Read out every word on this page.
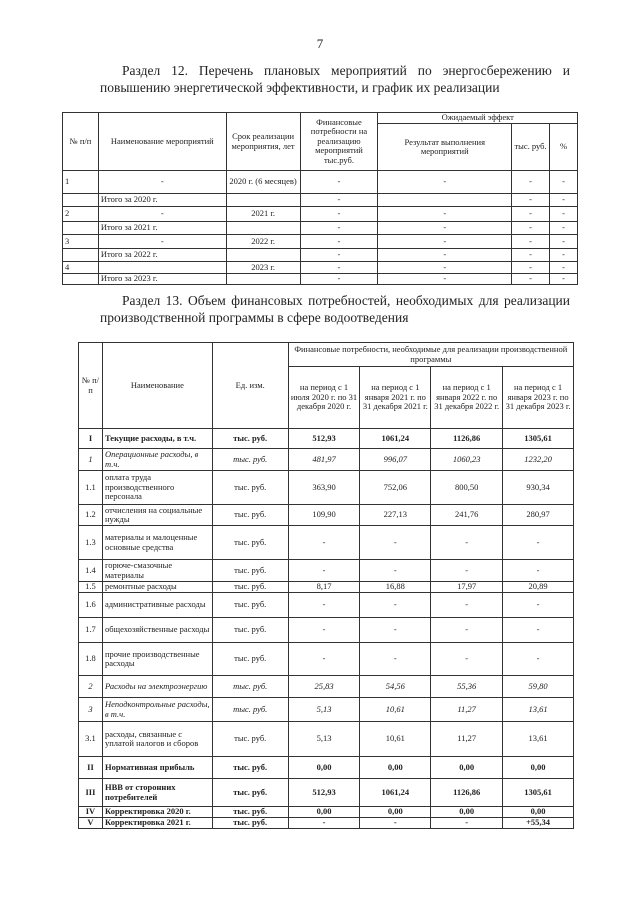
7
Раздел 12. Перечень плановых мероприятий по энергосбережению и повышению энергетической эффективности, и график их реализации
№ п/п	Наименование мероприятий	Срок реализации мероприятия, лет	Финансовые потребности на реализацию мероприятий тыс.руб.	Ожидаемый эффект		
				Результат выполнения мероприятий	тыс. руб.	%
1	-	2020 г. (6 месяцев)	-	-	-	-
	Итого за 2020 г.		-		-	-
2	-	2021 г.	-	-	-	-
	Итого за 2021 г.		-	-	-	-
3	-	2022 г.	-	-	-	-
	Итого за 2022 г.		-	-	-	-
4		2023 г.	-	-	-	-
	Итого за 2023 г.		-	-	-	-
Раздел 13. Объем финансовых потребностей, необходимых для реализации производственной программы в сфере водоотведения
№ п/п	Наименование	Ед. изм.	Финансовые потребности, необходимые для реализации производственной программы			
			на период с 1 июля 2020 г. по 31 декабря 2020 г.	на период с 1 января 2021 г. по 31 декабря 2021 г.	на период с 1 января 2022 г. по 31 декабря 2022 г.	на период с 1 января 2023 г. по 31 декабря 2023 г.
I	Текущие расходы, в т.ч.	тыс. руб.	512,93	1061,24	1126,86	1305,61
1	Операционные расходы, в т.ч.	тыс. руб.	481,97	996,07	1060,23	1232,20
1.1	оплата труда производственного персонала	тыс. руб.	363,90	752,06	800,50	930,34
1.2	отчисления на социальные нужды	тыс. руб.	109,90	227,13	241,76	280,97
1.3	материалы и малоценные основные средства	тыс. руб.	-	-	-	-
1.4	горюче-смазочные материалы	тыс. руб.	-	-	-	-
1.5	ремонтные расходы	тыс. руб.	8,17	16,88	17,97	20,89
1.6	административные расходы	тыс. руб.	-	-	-	-
1.7	общехозяйственные расходы	тыс. руб.	-	-	-	-
1.8	прочие производственные расходы	тыс. руб.	-	-	-	-
2	Расходы на электроэнергию	тыс. руб.	25,83	54,56	55,36	59,80
3	Неподконтрольные расходы, в т.ч.	тыс. руб.	5,13	10,61	11,27	13,61
3.1	расходы, связанные с уплатой налогов и сборов	тыс. руб.	5,13	10,61	11,27	13,61
II	Нормативная прибыль	тыс. руб.	0,00	0,00	0,00	0,00
III	НВВ от сторонних потребителей	тыс. руб.	512,93	1061,24	1126,86	1305,61
IV	Корректировка 2020 г.	тыс. руб.	0,00	0,00	0,00	0,00
V	Корректировка 2021 г.	тыс. руб.	-	-	-	+55,34
